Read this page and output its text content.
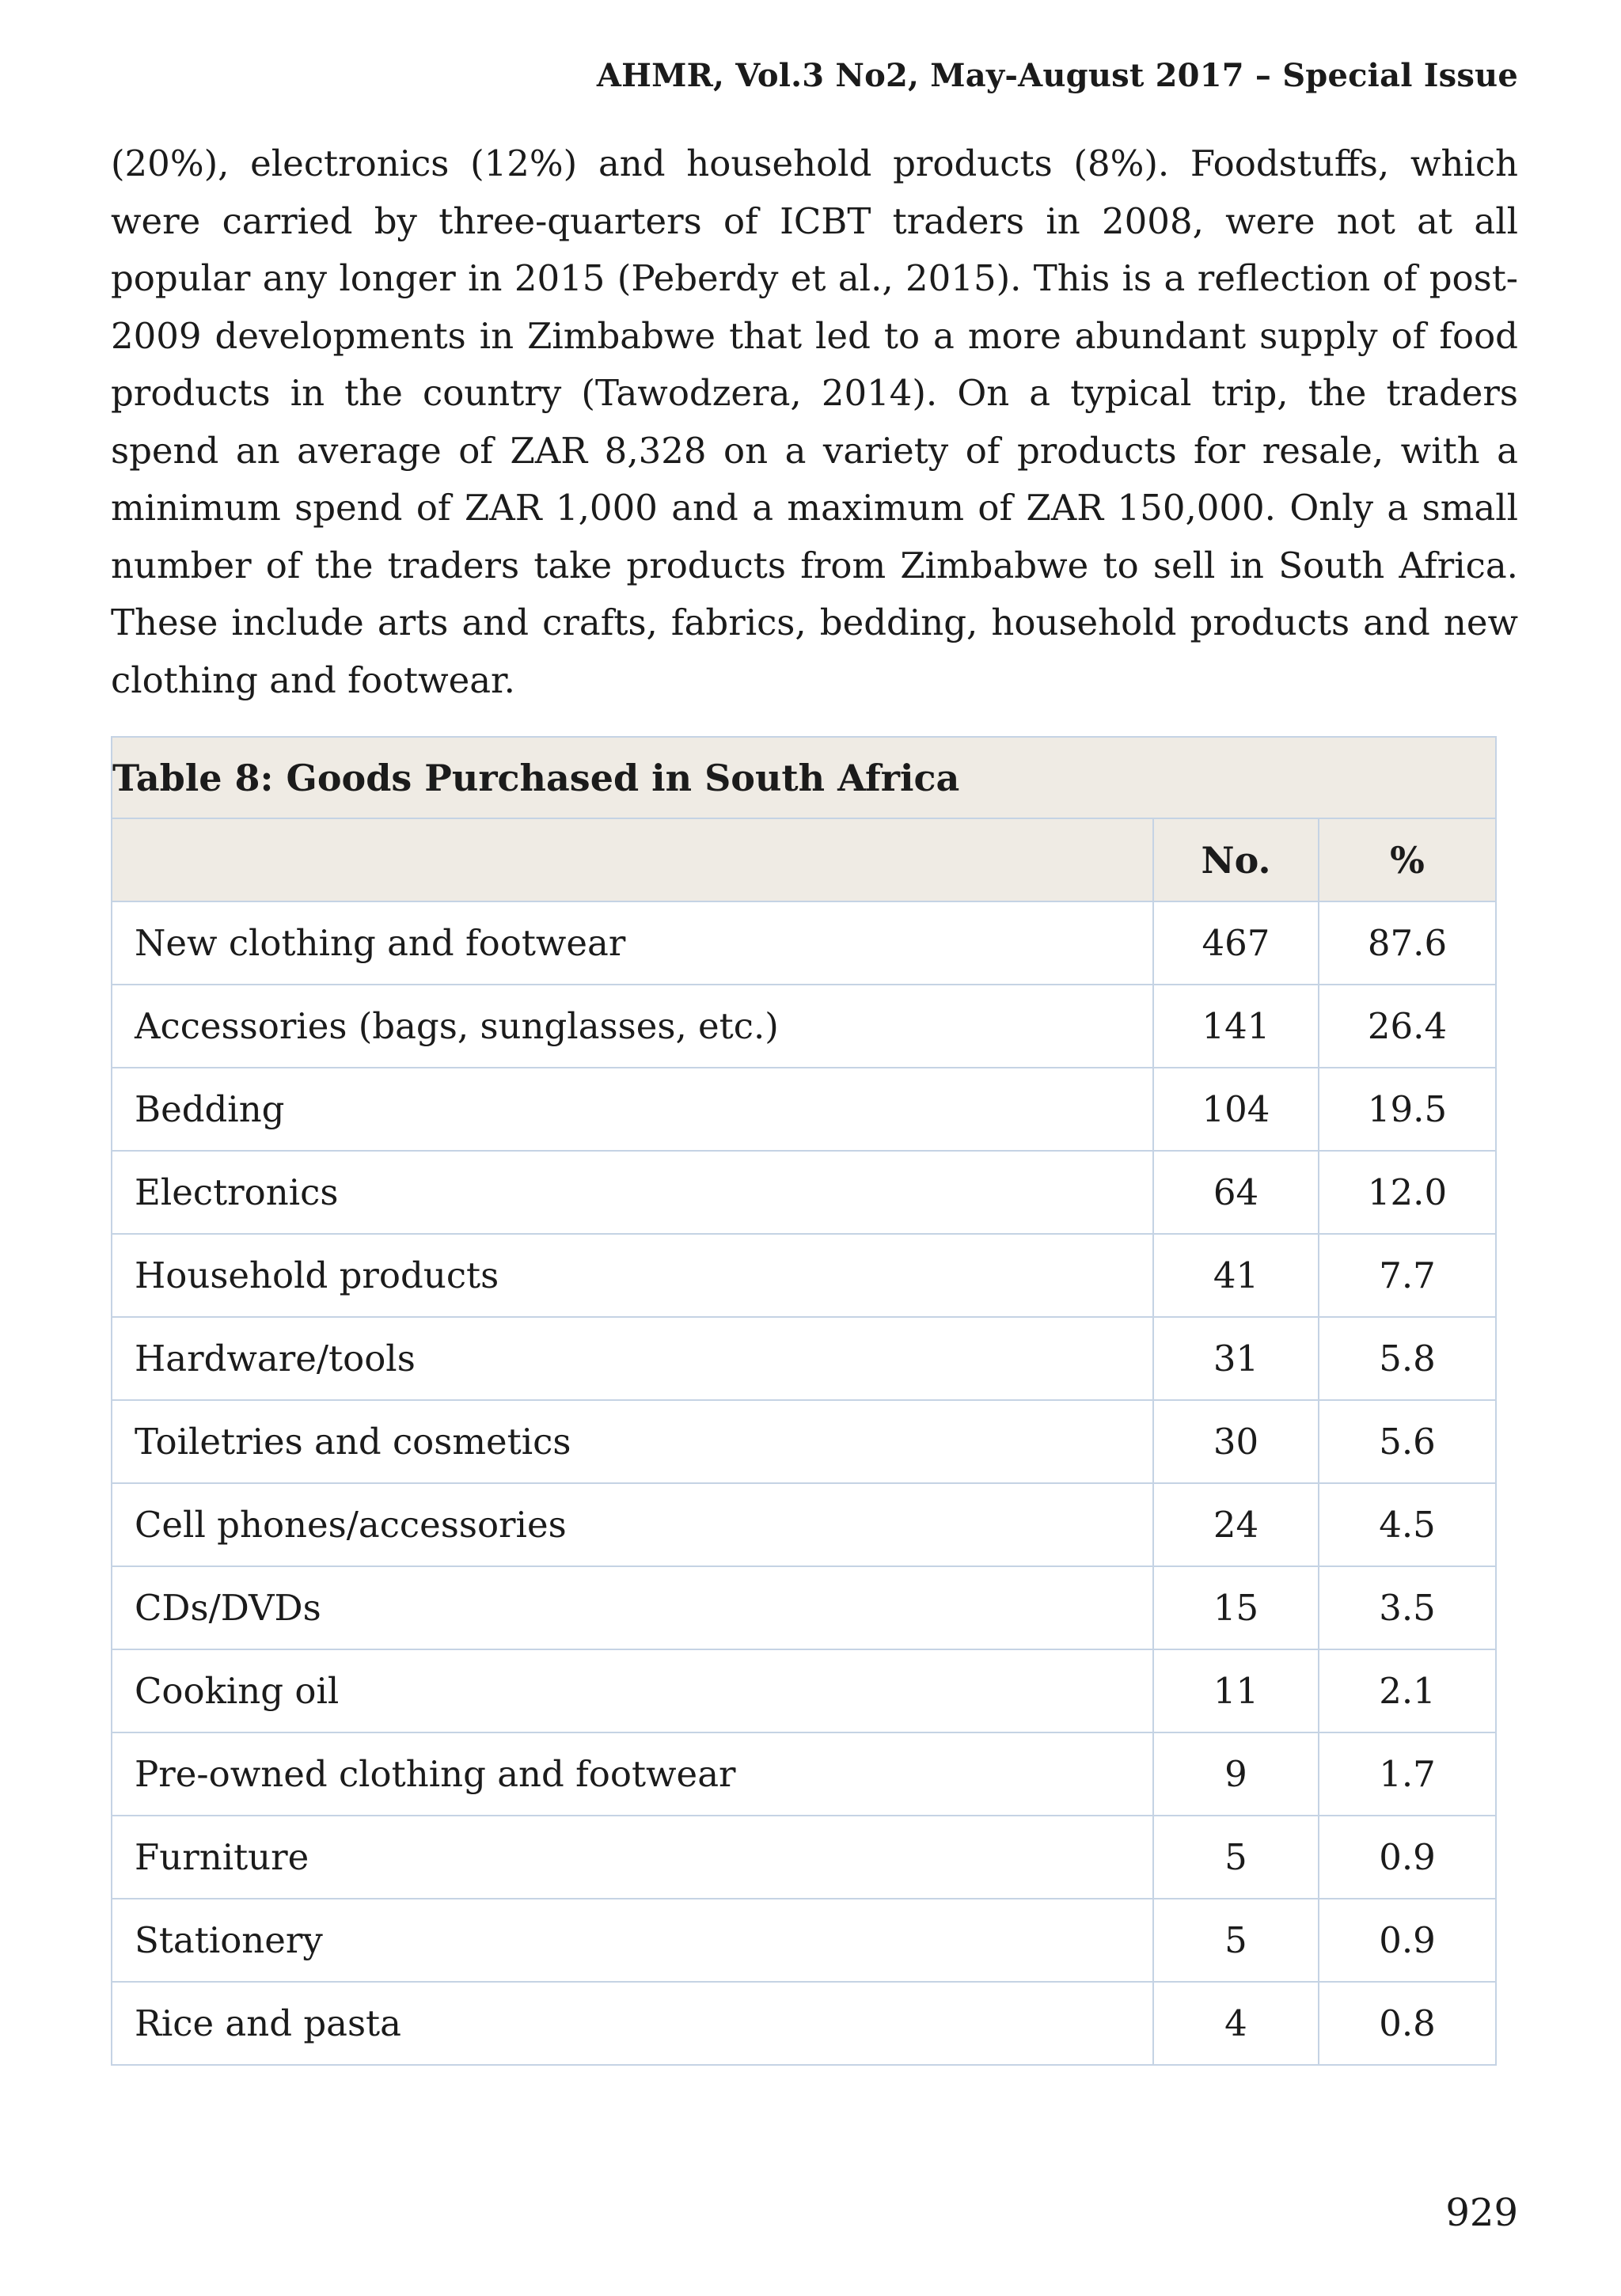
AHMR, Vol.3 No2, May-August 2017 – Special Issue

(20%), electronics (12%) and household products (8%). Foodstuffs, which were carried by three-quarters of ICBT traders in 2008, were not at all popular any longer in 2015 (Peberdy et al., 2015). This is a reflection of post-2009 developments in Zimbabwe that led to a more abundant supply of food products in the country (Tawodzera, 2014). On a typical trip, the traders spend an average of ZAR 8,328 on a variety of products for resale, with a minimum spend of ZAR 1,000 and a maximum of ZAR 150,000. Only a small number of the traders take products from Zimbabwe to sell in South Africa. These include arts and crafts, fabrics, bedding, household products and new clothing and footwear.

Table 8: Goods Purchased in South Africa		
	No.	%
New clothing and footwear	467	87.6
Accessories (bags, sunglasses, etc.)	141	26.4
Bedding	104	19.5
Electronics	64	12.0
Household products	41	7.7
Hardware/tools	31	5.8
Toiletries and cosmetics	30	5.6
Cell phones/accessories	24	4.5
CDs/DVDs	15	3.5
Cooking oil	11	2.1
Pre-owned clothing and footwear	9	1.7
Furniture	5	0.9
Stationery	5	0.9
Rice and pasta	4	0.8
929
